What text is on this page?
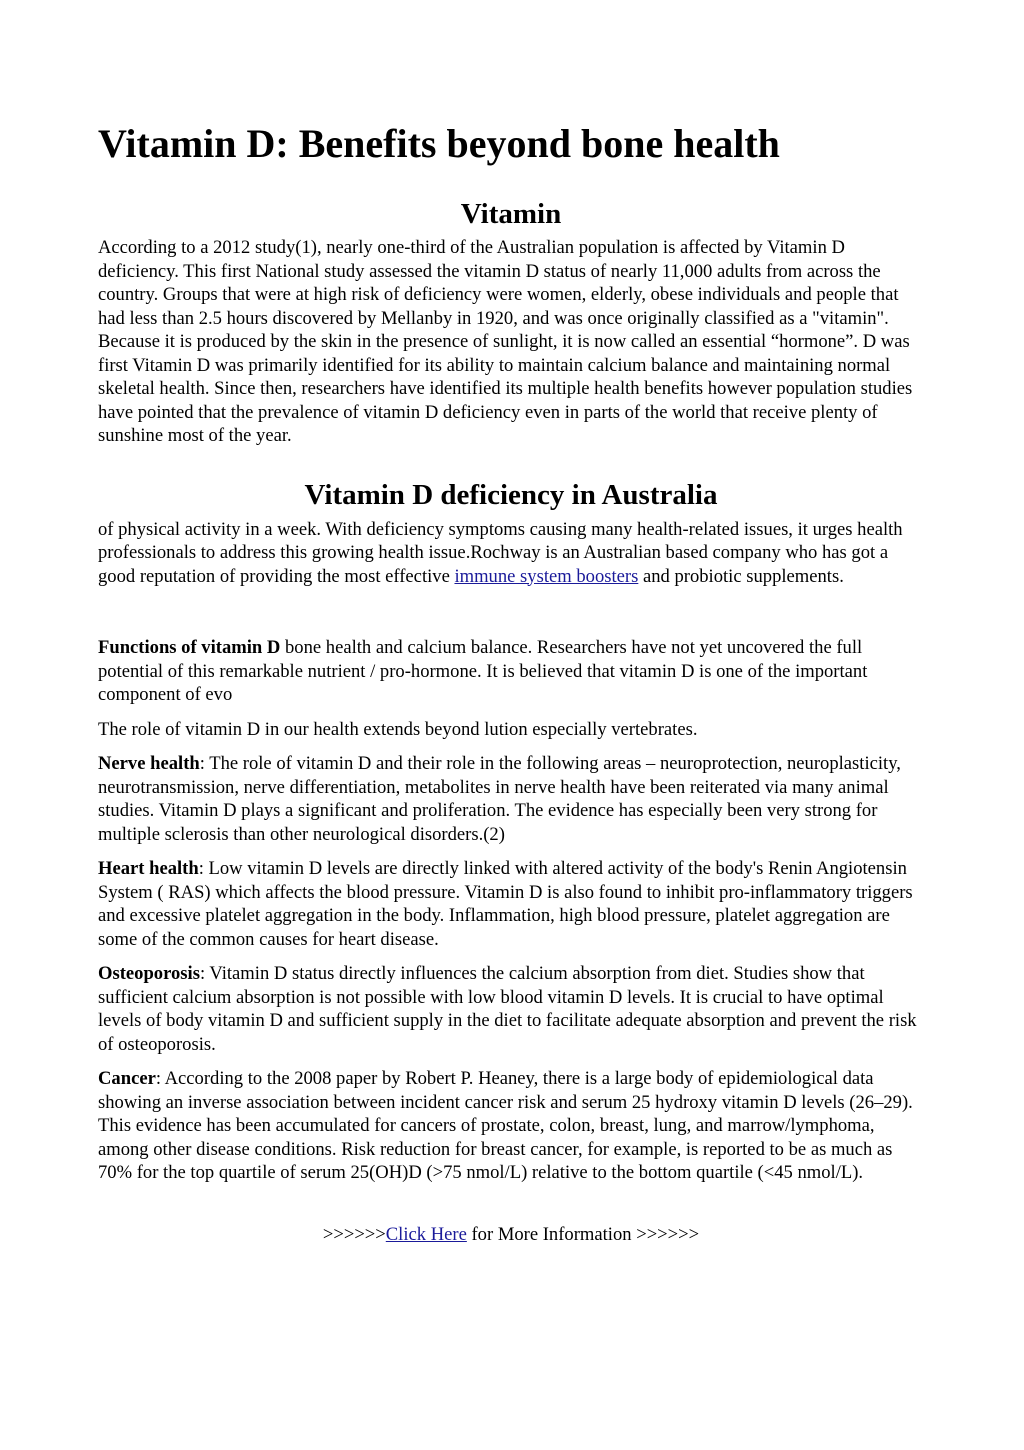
Vitamin D: Benefits beyond bone health
Vitamin

According to a 2012 study(1), nearly one-third of the Australian population is affected by Vitamin D deficiency. This first National study assessed the vitamin D status of nearly 11,000 adults from across the country. Groups that were at high risk of deficiency were women, elderly, obese individuals and people that had less than 2.5 hours discovered by Mellanby in 1920, and was once originally classified as a "vitamin". Because it is produced by the skin in the presence of sunlight, it is now called an essential “hormone”. D was first Vitamin D was primarily identified for its ability to maintain calcium balance and maintaining normal skeletal health. Since then, researchers have identified its multiple health benefits however population studies have pointed that the prevalence of vitamin D deficiency even in parts of the world that receive plenty of sunshine most of the year.

Vitamin D deficiency in Australia

of physical activity in a week. With deficiency symptoms causing many health-related issues, it urges health professionals to address this growing health issue.Rochway is an Australian based company who has got a good reputation of providing the most effective immune system boosters and probiotic supplements.

Functions of vitamin D bone health and calcium balance. Researchers have not yet uncovered the full potential of this remarkable nutrient / pro-hormone. It is believed that vitamin D is one of the important component of evo

The role of vitamin D in our health extends beyond lution especially vertebrates.

Nerve health: The role of vitamin D and their role in the following areas – neuroprotection, neuroplasticity, neurotransmission, nerve differentiation, metabolites in nerve health have been reiterated via many animal studies. Vitamin D plays a significant and proliferation. The evidence has especially been very strong for multiple sclerosis than other neurological disorders.(2)

Heart health: Low vitamin D levels are directly linked with altered activity of the body's Renin Angiotensin System ( RAS) which affects the blood pressure. Vitamin D is also found to inhibit pro-inflammatory triggers and excessive platelet aggregation in the body. Inflammation, high blood pressure, platelet aggregation are some of the common causes for heart disease.

Osteoporosis: Vitamin D status directly influences the calcium absorption from diet. Studies show that sufficient calcium absorption is not possible with low blood vitamin D levels. It is crucial to have optimal levels of body vitamin D and sufficient supply in the diet to facilitate adequate absorption and prevent the risk of osteoporosis.

Cancer: According to the 2008 paper by Robert P. Heaney, there is a large body of epidemiological data showing an inverse association between incident cancer risk and serum 25 hydroxy vitamin D levels (26–29). This evidence has been accumulated for cancers of prostate, colon, breast, lung, and marrow/lymphoma, among other disease conditions. Risk reduction for breast cancer, for example, is reported to be as much as 70% for the top quartile of serum 25(OH)D (>75 nmol/L) relative to the bottom quartile (<45 nmol/L).

>>>>>>Click Here for More Information >>>>>>
